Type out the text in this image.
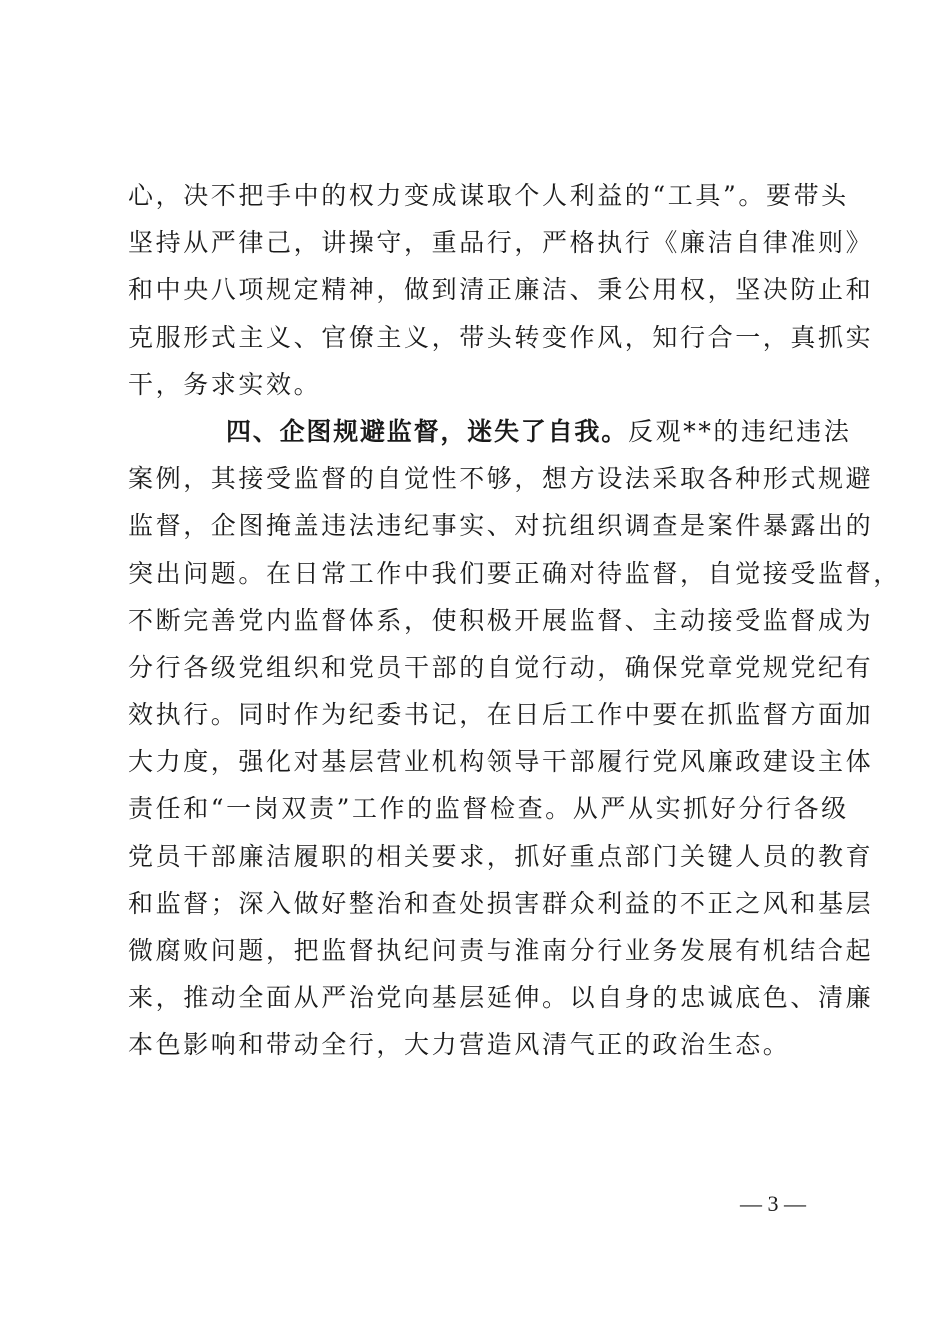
心，决不把手中的权力变成谋取个人利益的“工具”。要带头
坚持从严律己，讲操守，重品行，严格执行《廉洁自律准则》
和中央八项规定精神，做到清正廉洁、秉公用权，坚决防止和
克服形式主义、官僚主义，带头转变作风，知行合一，真抓实
干，务求实效。
四、企图规避监督，迷失了自我。反观**的违纪违法
案例，其接受监督的自觉性不够，想方设法采取各种形式规避
监督，企图掩盖违法违纪事实、对抗组织调查是案件暴露出的
突出问题。在日常工作中我们要正确对待监督，自觉接受监督，
不断完善党内监督体系，使积极开展监督、主动接受监督成为
分行各级党组织和党员干部的自觉行动，确保党章党规党纪有
效执行。同时作为纪委书记，在日后工作中要在抓监督方面加
大力度，强化对基层营业机构领导干部履行党风廉政建设主体
责任和“一岗双责”工作的监督检查。从严从实抓好分行各级
党员干部廉洁履职的相关要求，抓好重点部门关键人员的教育
和监督；深入做好整治和查处损害群众利益的不正之风和基层
微腐败问题，把监督执纪问责与淮南分行业务发展有机结合起
来，推动全面从严治党向基层延伸。以自身的忠诚底色、清廉
本色影响和带动全行，大力营造风清气正的政治生态。
— 3 —
